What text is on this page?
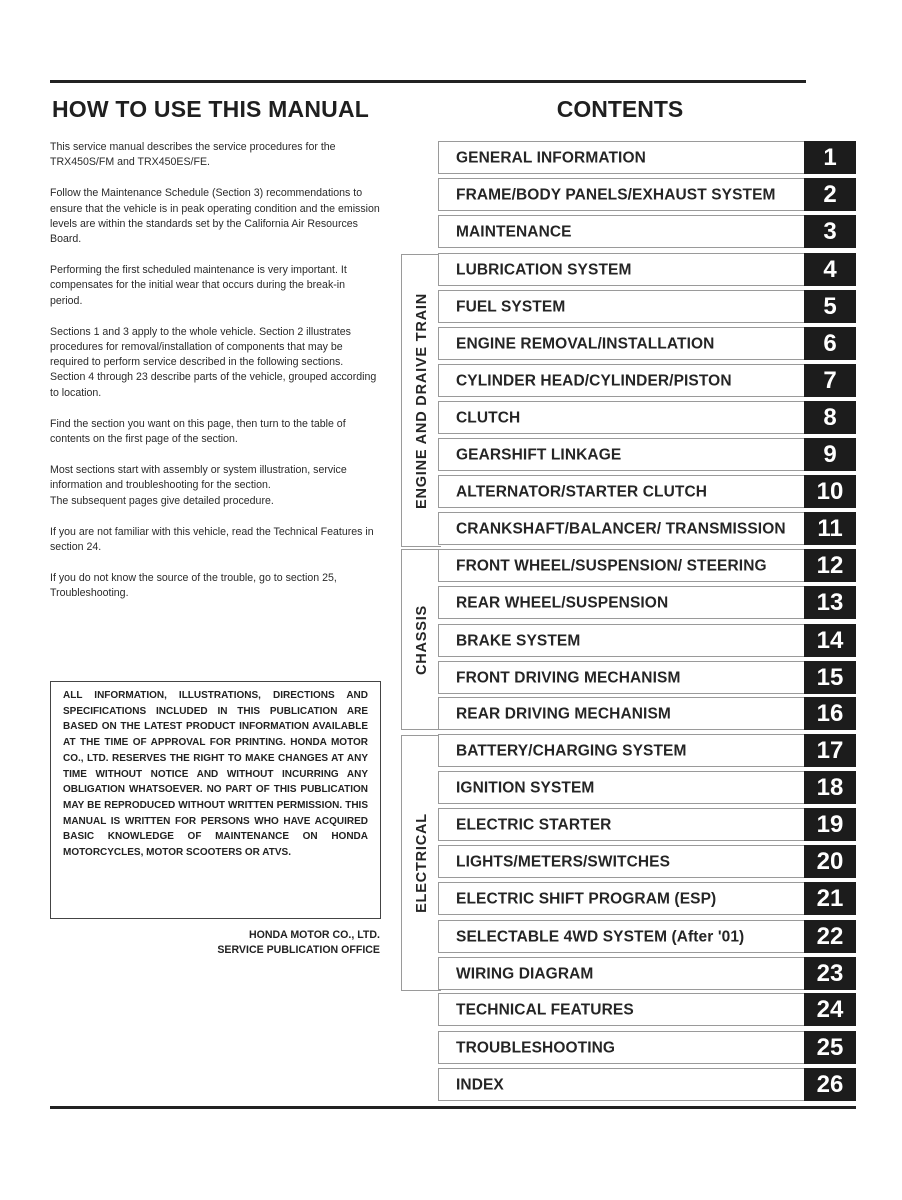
HOW TO USE THIS MANUAL	CONTENTS

This service manual describes the service procedures for the TRX450S/FM and TRX450ES/FE.

Follow the Maintenance Schedule (Section 3) recommendations to ensure that the vehicle is in peak operating condition and the emission levels are within the standards set by the California Air Resources Board.

Performing the first scheduled maintenance is very important. It compensates for the initial wear that occurs during the break-in period.

Sections 1 and 3 apply to the whole vehicle. Section 2 illustrates procedures for removal/installation of components that may be required to perform service described in the following sections.

Section 4 through 23 describe parts of the vehicle, grouped according to location.

Find the section you want on this page, then turn to the table of contents on the first page of the section.

Most sections start with assembly or system illustration, service information and troubleshooting for the section.

The subsequent pages give detailed procedure.

If you are not familiar with this vehicle, read the Technical Features in section 24.

If you do not know the source of the trouble, go to section 25, Troubleshooting.

ALL INFORMATION, ILLUSTRATIONS, DIRECTIONS AND SPECIFICATIONS INCLUDED IN THIS PUBLICATION ARE BASED ON THE LATEST PRODUCT INFORMATION AVAILABLE AT THE TIME OF APPROVAL FOR PRINTING. HONDA MOTOR CO., LTD. RESERVES THE RIGHT TO MAKE CHANGES AT ANY TIME WITHOUT NOTICE AND WITHOUT INCURRING ANY OBLIGATION WHATSOEVER. NO PART OF THIS PUBLICATION MAY BE REPRODUCED WITHOUT WRITTEN PERMISSION. THIS MANUAL IS WRITTEN FOR PERSONS WHO HAVE ACQUIRED BASIC KNOWLEDGE OF MAINTENANCE ON HONDA MOTORCYCLES, MOTOR SCOOTERS OR ATVS.
HONDA MOTOR CO., LTD.
SERVICE PUBLICATION OFFICE
ENGINE AND DRAIVE TRAIN
CHASSIS
ELECTRICAL
GENERAL INFORMATION	1
FRAME/BODY PANELS/EXHAUST SYSTEM	2
MAINTENANCE	3
LUBRICATION SYSTEM	4
FUEL SYSTEM	5
ENGINE REMOVAL/INSTALLATION	6
CYLINDER HEAD/CYLINDER/PISTON	7
CLUTCH	8
GEARSHIFT LINKAGE	9
ALTERNATOR/STARTER CLUTCH	10
CRANKSHAFT/BALANCER/ TRANSMISSION	11
FRONT WHEEL/SUSPENSION/ STEERING	12
REAR WHEEL/SUSPENSION	13
BRAKE SYSTEM	14
FRONT DRIVING MECHANISM	15
REAR DRIVING MECHANISM	16
BATTERY/CHARGING SYSTEM	17
IGNITION SYSTEM	18
ELECTRIC STARTER	19
LIGHTS/METERS/SWITCHES	20
ELECTRIC SHIFT PROGRAM (ESP)	21
SELECTABLE 4WD SYSTEM (After '01)	22
WIRING DIAGRAM	23
TECHNICAL FEATURES	24
TROUBLESHOOTING	25
INDEX	26
